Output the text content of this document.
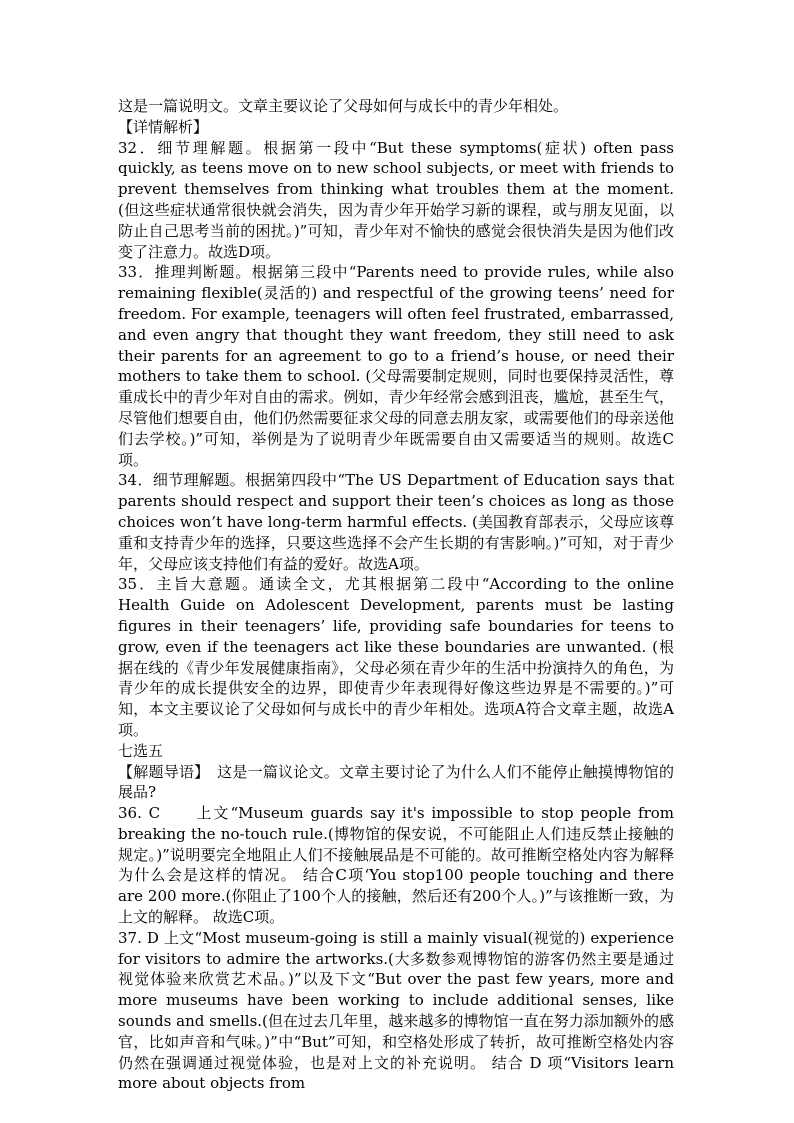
这是一篇说明文。文章主要议论了父母如何与成长中的青少年相处。

【详情解析】

32．细节理解题。根据第一段中“But these symptoms(症状) often pass quickly, as teens move on to new school subjects, or meet with friends to prevent themselves from thinking what troubles them at the moment. (但这些症状通常很快就会消失，因为青少年开始学习新的课程，或与朋友见面，以防止自己思考当前的困扰。)”可知，青少年对不愉快的感觉会很快消失是因为他们改变了注意力。故选D项。

33．推理判断题。根据第三段中“Parents need to provide rules, while also remaining flexible(灵活的) and respectful of the growing teens’ need for freedom. For example, teenagers will often feel frustrated, embarrassed, and even angry that thought they want freedom, they still need to ask their parents for an agreement to go to a friend’s house, or need their mothers to take them to school. (父母需要制定规则，同时也要保持灵活性，尊重成长中的青少年对自由的需求。例如，青少年经常会感到沮丧，尴尬，甚至生气，尽管他们想要自由，他们仍然需要征求父母的同意去朋友家，或需要他们的母亲送他们去学校。)”可知，举例是为了说明青少年既需要自由又需要适当的规则。故选C项。

34．细节理解题。根据第四段中“The US Department of Education says that parents should respect and support their teen’s choices as long as those choices won’t have long-term harmful effects. (美国教育部表示，父母应该尊重和支持青少年的选择，只要这些选择不会产生长期的有害影响。)”可知，对于青少年，父母应该支持他们有益的爱好。故选A项。

35．主旨大意题。通读全文，尤其根据第二段中“According to the online Health Guide on Adolescent Development, parents must be lasting figures in their teenagers’ life, providing safe boundaries for teens to grow, even if the teenagers act like these boundaries are unwanted. (根据在线的《青少年发展健康指南》，父母必须在青少年的生活中扮演持久的角色，为青少年的成长提供安全的边界，即使青少年表现得好像这些边界是不需要的。)”可知，本文主要议论了父母如何与成长中的青少年相处。选项A符合文章主题，故选A项。

七选五

【解题导语】　这是一篇议论文。文章主要讨论了为什么人们不能停止触摸博物馆的展品?

36. C　　上文“Museum guards say it's impossible to stop people from breaking the no-touch rule.(博物馆的保安说，不可能阻止人们违反禁止接触的规定。)”说明要完全地阻止人们不接触展品是不可能的。故可推断空格处内容为解释为什么会是这样的情况。 结合C项‘You stop100 people touching and there are 200 more.(你阻止了100个人的接触，然后还有200个人。)”与该推断一致，为上文的解释。 故选C项。

37. D 上文“Most museum-going is still a mainly visual(视觉的) experience for visitors to admire the artworks.(大多数参观博物馆的游客仍然主要是通过视觉体验来欣赏艺术品。)”以及下文“But over the past few years, more and more museums have been working to include additional senses, like sounds and smells.(但在过去几年里，越来越多的博物馆一直在努力添加额外的感官，比如声音和气味。)”中“But”可知，和空格处形成了转折，故可推断空格处内容仍然在强调通过视觉体验，也是对上文的补充说明。 结合 D 项“Visitors learn more about objects from
